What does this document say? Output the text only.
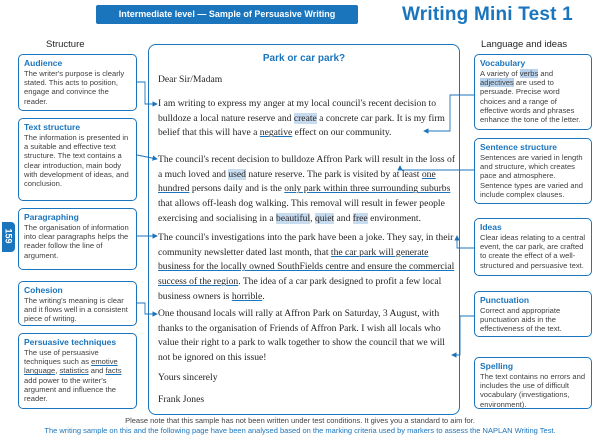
Intermediate level — Sample of Persuasive Writing	Writing Mini Test 1
Structure	Language and ideas
159
Audience

The writer's purpose is clearly stated. This acts to position, engage and convince the reader.

Text structure

The information is presented in a suitable and effective text structure. The text contains a clear introduction, main body with development of ideas, and conclusion.

Paragraphing

The organisation of information into clear paragraphs helps the reader follow the line of argument.

Cohesion

The writing's meaning is clear and it flows well in a consistent piece of writing.

Persuasive techniques

The use of persuasive techniques such as emotive language, statistics and facts add power to the writer's argument and influence the reader.

Vocabulary

A variety of verbs and adjectives are used to persuade. Precise word choices and a range of effective words and phrases enhance the tone of the letter.

Sentence structure

Sentences are varied in length and structure, which creates pace and atmosphere. Sentence types are varied and include complex clauses.

Ideas

Clear ideas relating to a central event, the car park, are crafted to create the effect of a well-structured and persuasive text.

Punctuation

Correct and appropriate punctuation aids in the effectiveness of the text.

Spelling

The text contains no errors and includes the use of difficult vocabulary (investigations, environment).

Park or car park?
Dear Sir/Madam
I am writing to express my anger at my local council's recent decision to bulldoze a local nature reserve and create a concrete car park. It is my firm belief that this will have a negative effect on our community.
The council's recent decision to bulldoze Affron Park will result in the loss of a much loved and used nature reserve. The park is visited by at least one hundred persons daily and is the only park within three surrounding suburbs that allows off-leash dog walking. This removal will result in fewer people exercising and socialising in a beautiful, quiet and free environment.
The council's investigations into the park have been a joke. They say, in their community newsletter dated last month, that the car park will generate business for the locally owned SouthFields centre and ensure the commercial success of the region. The idea of a car park designed to profit a few local business owners is horrible.
One thousand locals will rally at Affron Park on Saturday, 3 August, with thanks to the organisation of Friends of Affron Park. I wish all locals who value their right to a park to walk together to show the council that we will not be ignored on this issue!
Yours sincerely
Frank Jones
Please note that this sample has not been written under test conditions. It gives you a standard to aim for.
The writing sample on this and the following page have been analysed based on the marking criteria used by markers to assess the NAPLAN Writing Test.
